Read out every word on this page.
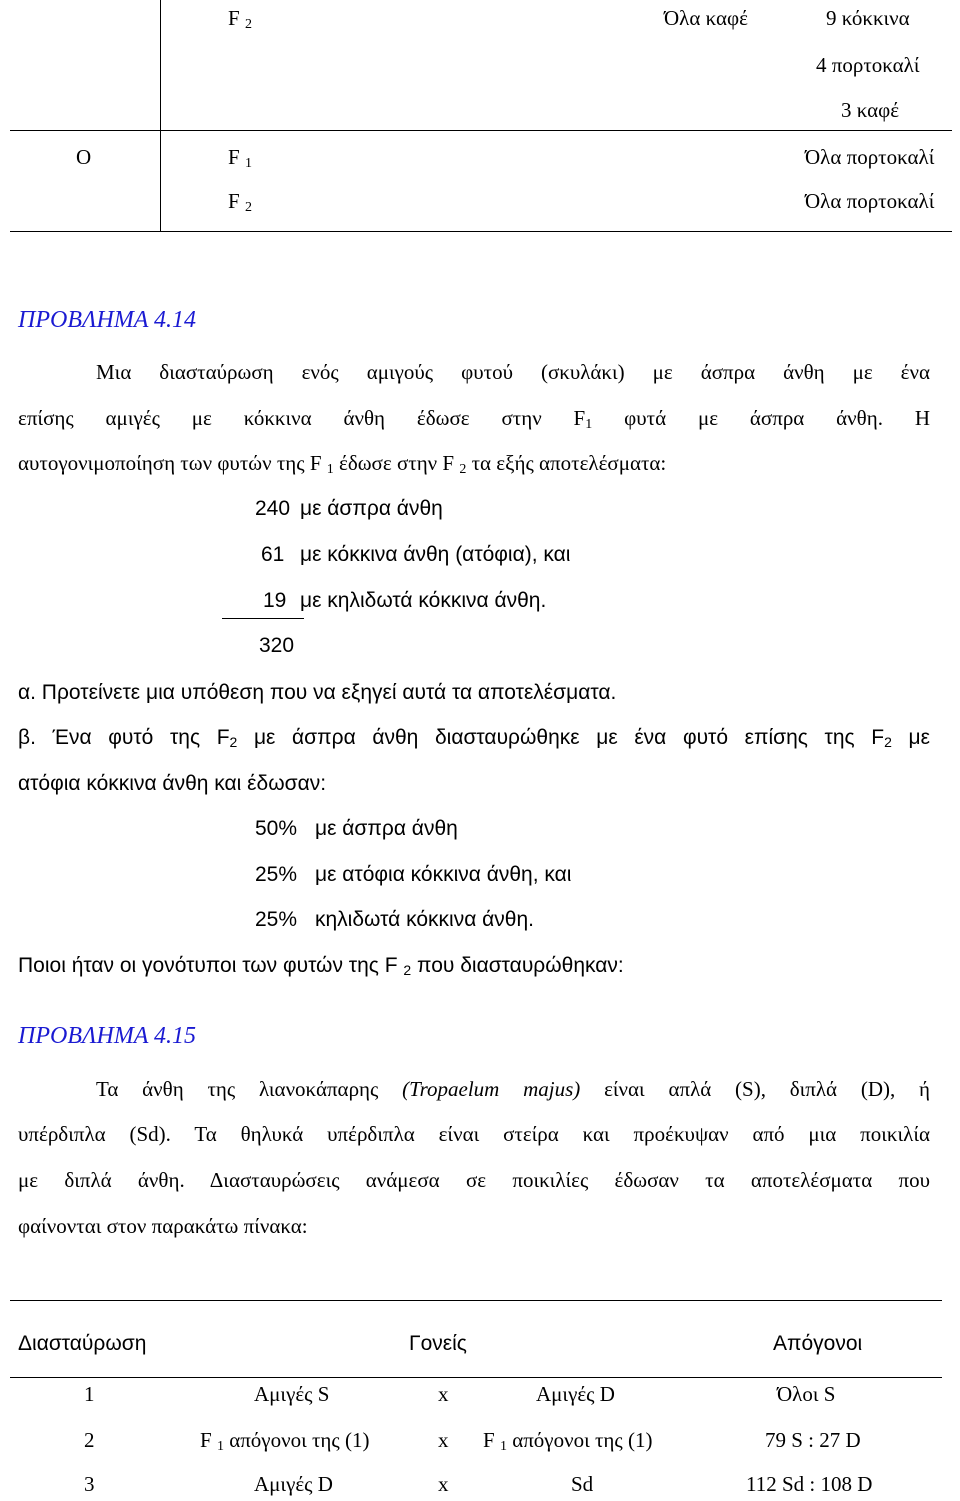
F $_2$	Όλα καφέ	9 κόκκινα
4 πορτοκαλί
3 καφέ
O	F $_1$	Όλα πορτοκαλί
F $_2$	Όλα πορτοκαλί
ΠΡΟΒΛΗΜΑ 4.14
Μια διασταύρωση ενός αμιγούς φυτού (σκυλάκι) με άσπρα άνθη με ένα
επίσης αμιγές με κόκκινα άνθη έδωσε στην $F_1$ φυτά με άσπρα άνθη. Η
αυτογονιμοποίηση των φυτών της F $_1$ έδωσε στην F $_2$ τα εξής αποτελέσματα:
240 με άσπρα άνθη
61 με κόκκινα άνθη (ατόφια), και
19 με κηλιδωτά κόκκινα άνθη.
320
α. Προτείνετε μια υπόθεση που να εξηγεί αυτά τα αποτελέσματα.
β. Ένα φυτό της $F_2$ με άσπρα άνθη διασταυρώθηκε με ένα φυτό επίσης της $F_2$ με
ατόφια κόκκινα άνθη και έδωσαν:
50% με άσπρα άνθη
25% με ατόφια κόκκινα άνθη, και
25% κηλιδωτά κόκκινα άνθη.
Ποιοι ήταν οι γονότυποι των φυτών της F $_2$ που διασταυρώθηκαν:
ΠΡΟΒΛΗΜΑ 4.15
Τα άνθη της λιανοκάπαρης (Tropaelum majus) είναι απλά (S), διπλά (D), ή
υπέρδιπλα (Sd). Τα θηλυκά υπέρδιπλα είναι στείρα και προέκυψαν από μια ποικιλία
με διπλά άνθη. Διασταυρώσεις ανάμεσα σε ποικιλίες έδωσαν τα αποτελέσματα που
φαίνονται στον παρακάτω πίνακα:
Διασταύρωση	Γονείς	Απόγονοι
1	Αμιγές S	x	Αμιγές D	Όλοι S
2	F $_1$ απόγονοι της (1)	x F $_1$ απόγονοι της (1)	79 S : 27 D
3	Αμιγές D	x	Sd	112 Sd : 108 D
